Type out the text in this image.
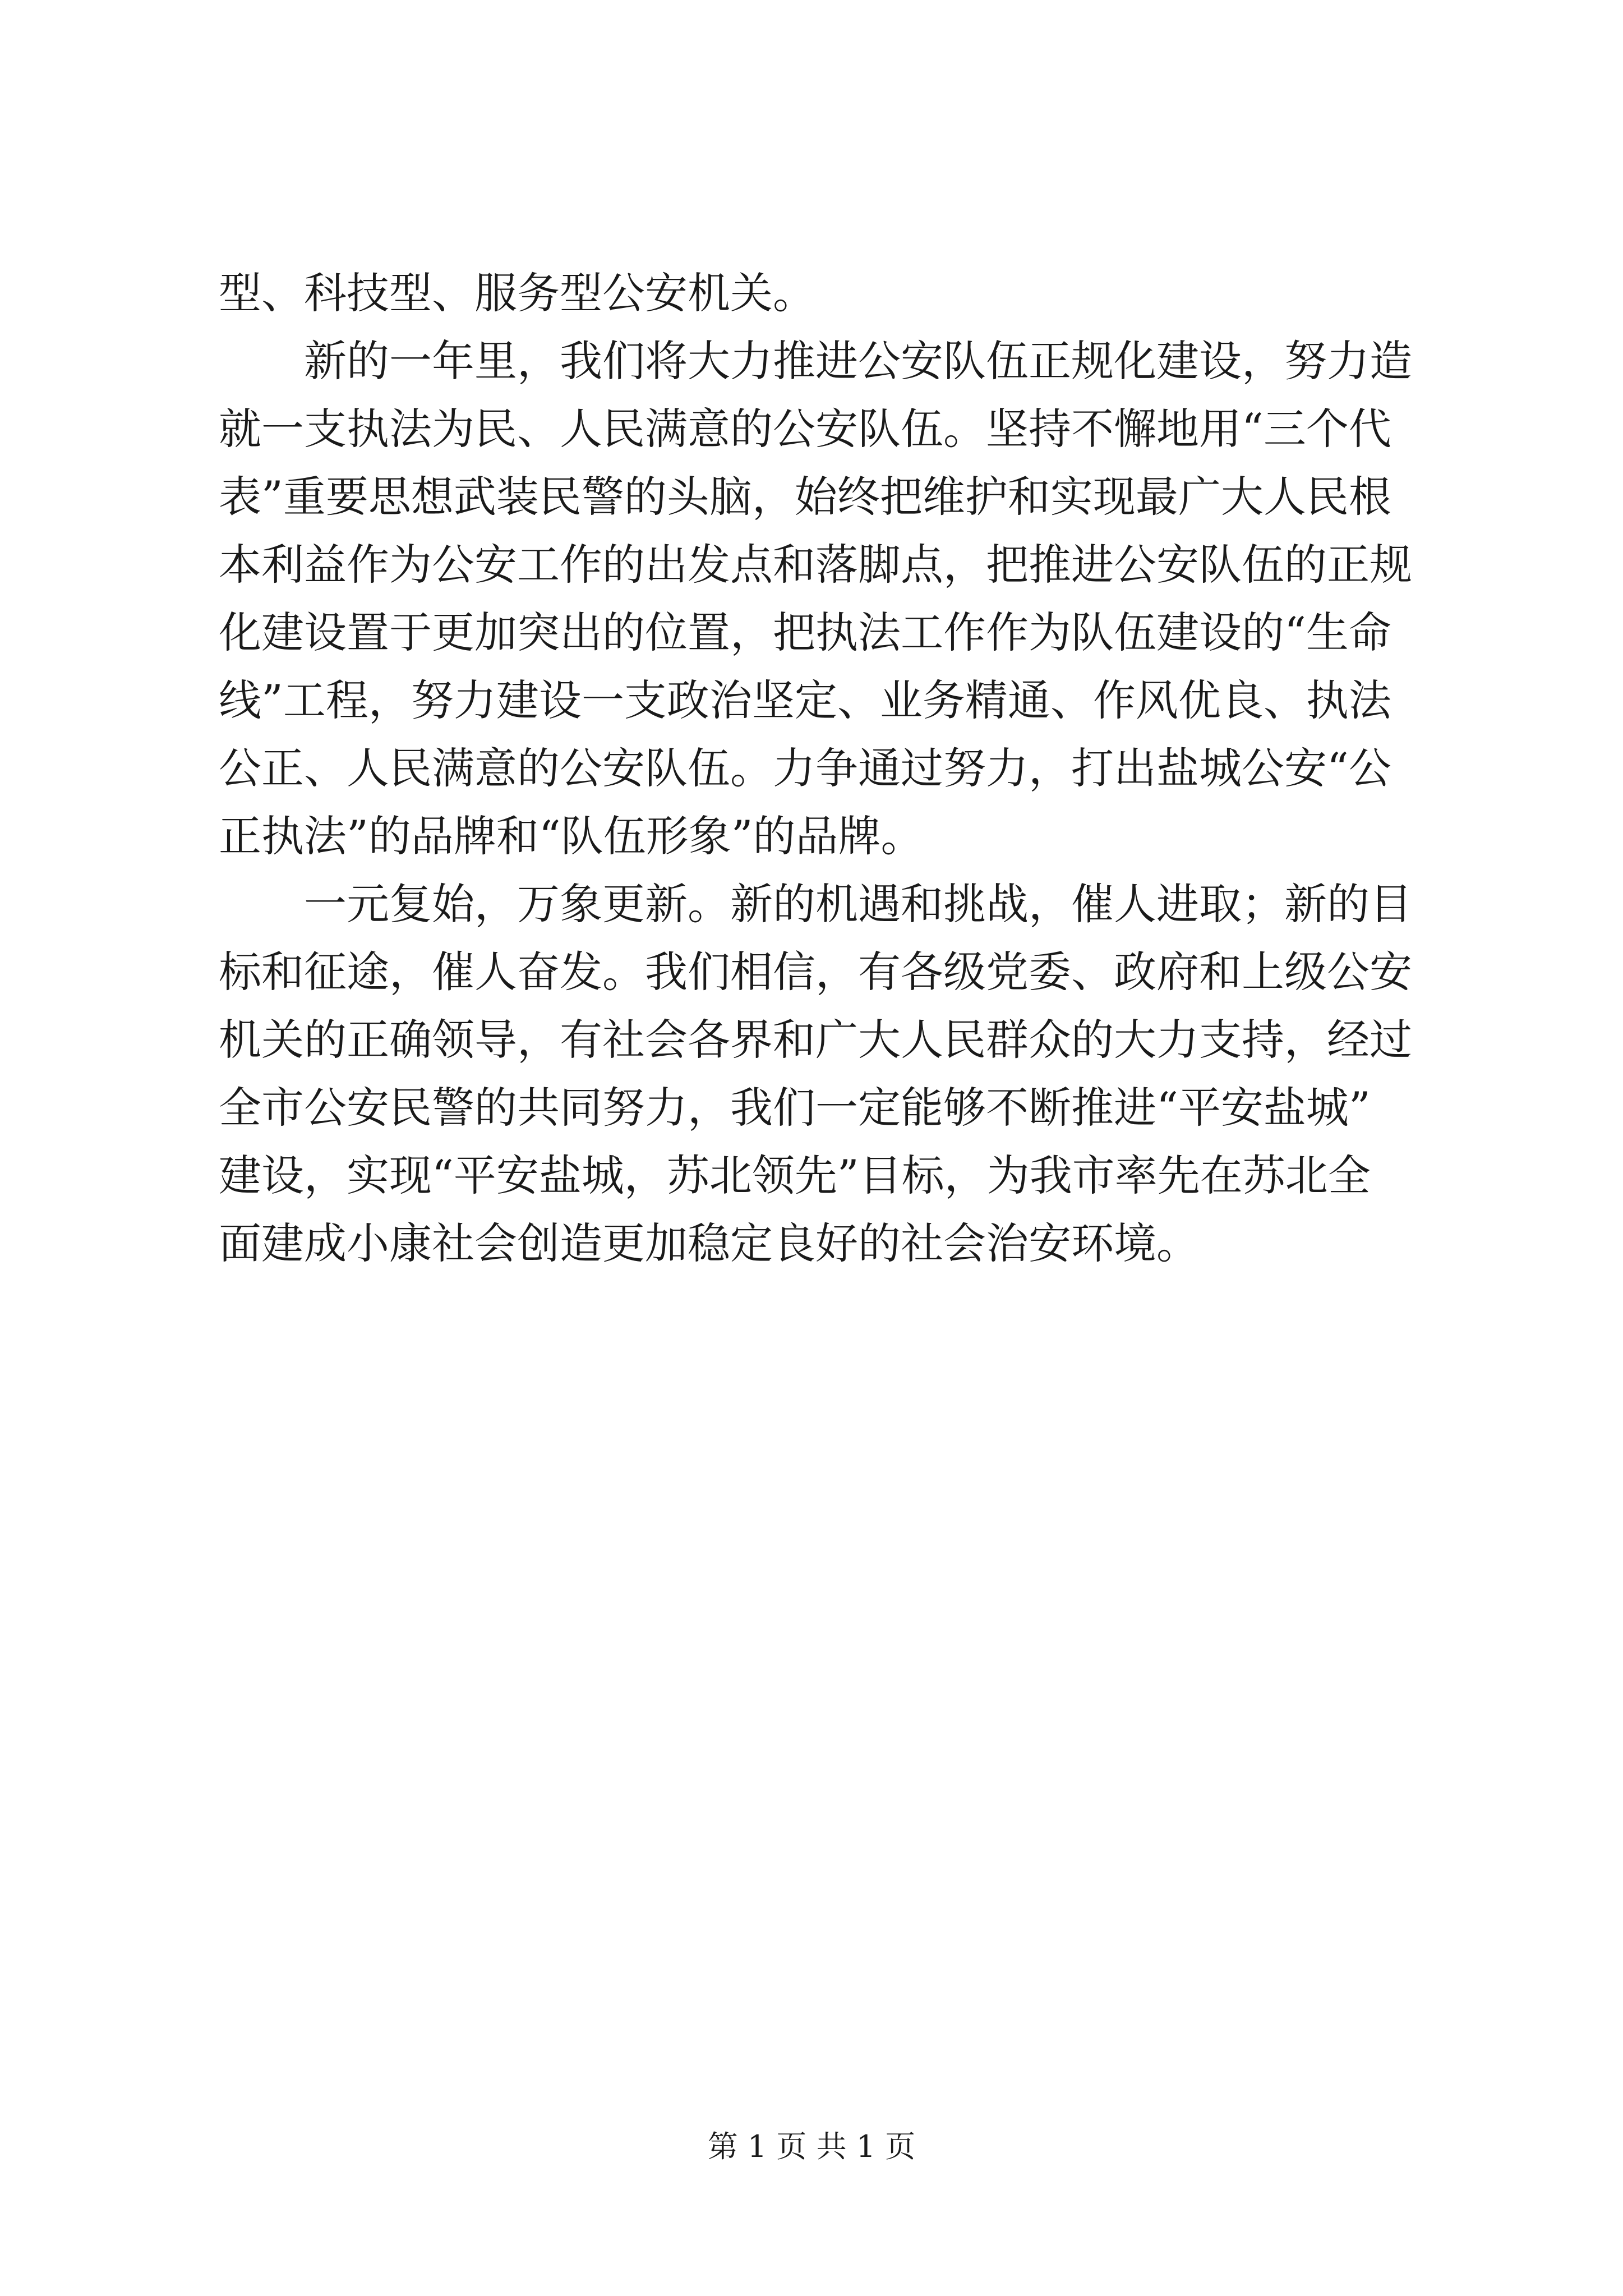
型、科技型、服务型公安机关。
　　新的一年里，我们将大力推进公安队伍正规化建设，努力造
就一支执法为民、人民满意的公安队伍。坚持不懈地用“三个代
表”重要思想武装民警的头脑，始终把维护和实现最广大人民根
本利益作为公安工作的出发点和落脚点，把推进公安队伍的正规
化建设置于更加突出的位置，把执法工作作为队伍建设的“生命
线”工程，努力建设一支政治坚定、业务精通、作风优良、执法
公正、人民满意的公安队伍。力争通过努力，打出盐城公安“公
正执法”的品牌和“队伍形象”的品牌。
　　一元复始，万象更新。新的机遇和挑战，催人进取；新的目
标和征途，催人奋发。我们相信，有各级党委、政府和上级公安
机关的正确领导，有社会各界和广大人民群众的大力支持，经过
全市公安民警的共同努力，我们一定能够不断推进“平安盐城”
建设，实现“平安盐城，苏北领先”目标，为我市率先在苏北全
面建成小康社会创造更加稳定良好的社会治安环境。
第 1 页 共 1 页
